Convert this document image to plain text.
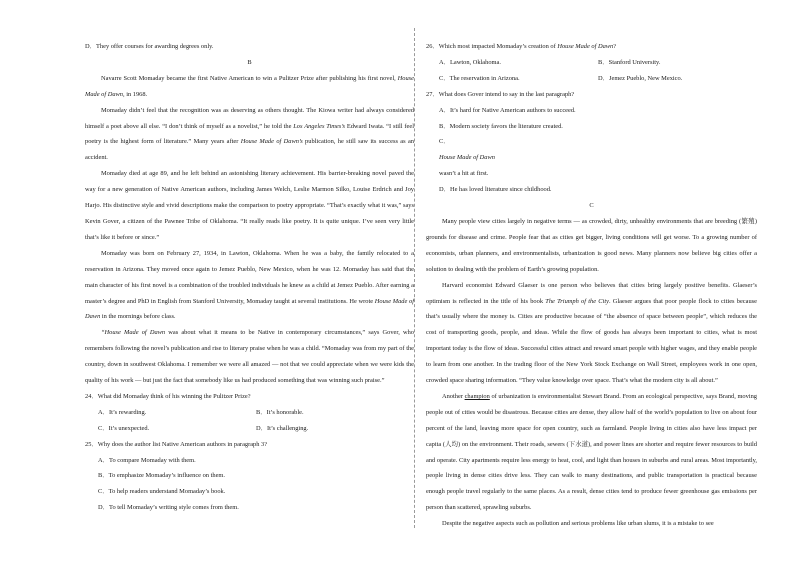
D．They offer courses for awarding degrees only.

B

Navarre Scott Momaday became the first Native American to win a Pulitzer Prize after publishing his first novel, House Made of Dawn, in 1968.

Momaday didn’t feel that the recognition was as deserving as others thought. The Kiowa writer had always considered himself a poet above all else. “I don’t think of myself as a novelist,” he told the Los Angeles Times’s Edward Iwata. “I still feel poetry is the highest form of literature.” Many years after House Made of Dawn’s publication, he still saw its success as an accident.

Momaday died at age 89, and he left behind an astonishing literary achievement. His barrier-breaking novel paved the way for a new generation of Native American authors, including James Welch, Leslie Marmon Silko, Louise Erdrich and Joy Harjo. His distinctive style and vivid descriptions make the comparison to poetry appropriate. “That’s exactly what it was,” says Kevin Gover, a citizen of the Pawnee Tribe of Oklahoma. “It really reads like poetry. It is quite unique. I’ve seen very little that’s like it before or since.”

Momaday was born on February 27, 1934, in Lawton, Oklahoma. When he was a baby, the family relocated to a reservation in Arizona. They moved once again to Jemez Pueblo, New Mexico, when he was 12. Momaday has said that the main character of his first novel is a combination of the troubled individuals he knew as a child at Jemez Pueblo. After earning a master’s degree and PhD in English from Stanford University, Momaday taught at several institutions. He wrote House Made of Dawn in the mornings before class.

“House Made of Dawn was about what it means to be Native in contemporary circumstances,” says Gover, who remembers following the novel’s publication and rise to literary praise when he was a child. “Momaday was from my part of the country, down in southwest Oklahoma. I remember we were all amazed — not that we could appreciate when we were kids the quality of his work — but just the fact that somebody like us had produced something that was winning such praise.”

24．What did Momaday think of his winning the Pulitzer Prize?

A．It’s rewarding.	B．It’s honorable.
C．It’s unexpected.	D．It’s challenging.

25．Why does the author list Native American authors in paragraph 3?

A．To compare Momaday with them.
B．To emphasize Momaday’s influence on them.
C．To help readers understand Momaday’s book.
D．To tell Momaday’s writing style comes from them.

26．Which most impacted Momaday’s creation of House Made of Dawn?

A．Lawton, Oklahoma.	B．Stanford University.
C．The reservation in Arizona.	D．Jemez Pueblo, New Mexico.

27．What does Gover intend to say in the last paragraph?

A．It’s hard for Native American authors to succeed.
B．Modern society favors the literature created.
C．
House Made of Dawn
wasn’t a hit at first.
D．He has loved literature since childhood.

C

Many people view cities largely in negative terms — as crowded, dirty, unhealthy environments that are breeding (繁殖) grounds for disease and crime. People fear that as cities get bigger, living conditions will get worse. To a growing number of economists, urban planners, and environmentalists, urbanization is good news. Many planners now believe big cities offer a solution to dealing with the problem of Earth’s growing population.

Harvard economist Edward Glaeser is one person who believes that cities bring largely positive benefits. Glaeser’s optimism is reflected in the title of his book The Triumph of the City. Glaeser argues that poor people flock to cities because that’s usually where the money is. Cities are productive because of “the absence of space between people”, which reduces the cost of transporting goods, people, and ideas. While the flow of goods has always been important to cities, what is most important today is the flow of ideas. Successful cities attract and reward smart people with higher wages, and they enable people to learn from one another. In the trading floor of the New York Stock Exchange on Wall Street, employees work in one open, crowded space sharing information. “They value knowledge over space. That’s what the modern city is all about.”

Another champion of urbanization is environmentalist Stewart Brand. From an ecological perspective, says Brand, moving people out of cities would be disastrous. Because cities are dense, they allow half of the world’s population to live on about four percent of the land, leaving more space for open country, such as farmland. People living in cities also have less impact per capita (人均) on the environment. Their roads, sewers (下水道), and power lines are shorter and require fewer resources to build and operate. City apartments require less energy to heat, cool, and light than houses in suburbs and rural areas. Most importantly, people living in dense cities drive less. They can walk to many destinations, and public transportation is practical because enough people travel regularly to the same places. As a result, dense cities tend to produce fewer greenhouse gas emissions per person than scattered, sprawling suburbs.

Despite the negative aspects such as pollution and serious problems like urban slums, it is a mistake to see
